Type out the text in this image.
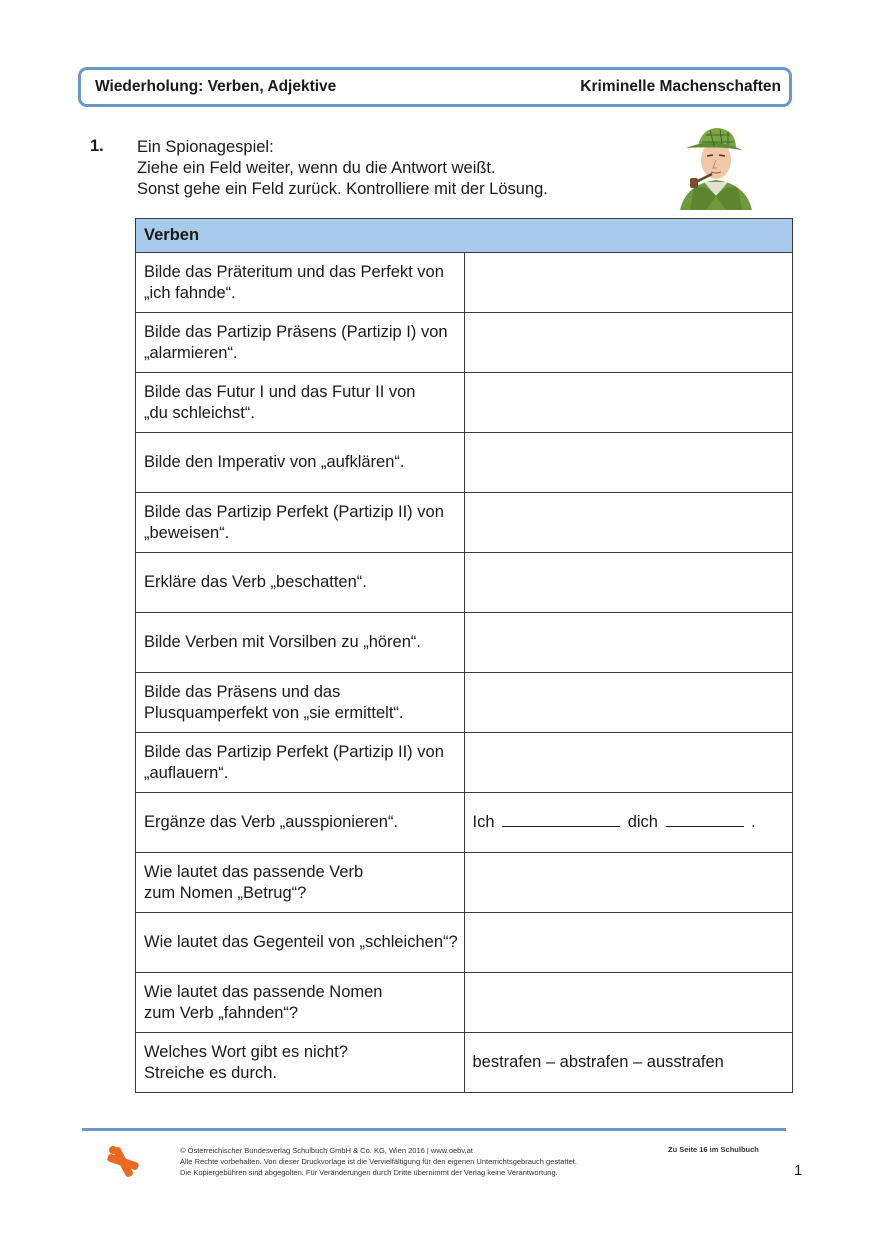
Wiederholung: Verben, Adjektive	Kriminelle Machenschaften
1. Ein Spionagespiel:
Ziehe ein Feld weiter, wenn du die Antwort weißt.
Sonst gehe ein Feld zurück. Kontrolliere mit der Lösung.
Verben	

Bilde das Präteritum und das Perfekt von
„ich fahnde“.	

Bilde das Partizip Präsens (Partizip I) von
„alarmieren“.	

Bilde das Futur I und das Futur II von
„du schleichst“.	

Bilde den Imperativ von „aufklären“.	

Bilde das Partizip Perfekt (Partizip II) von
„beweisen“.	

Erkläre das Verb „beschatten“.	

Bilde Verben mit Vorsilben zu „hören“.	

Bilde das Präsens und das
Plusquamperfekt von „sie ermittelt“.	

Bilde das Partizip Perfekt (Partizip II) von
„auflauern“.	

Ergänze das Verb „ausspionieren“.	Ich dich .

Wie lautet das passende Verb
zum Nomen „Betrug“?	

Wie lautet das Gegenteil von „schleichen“?	

Wie lautet das passende Nomen
zum Verb „fahnden“?	

Welches Wort gibt es nicht?
Streiche es durch.	bestrafen – abstrafen – ausstrafen
© Österreichischer Bundesverlag Schulbuch GmbH & Co. KG, Wien 2016 | www.oebv.at
Alle Rechte vorbehalten. Von dieser Druckvorlage ist die Vervielfältigung für den eigenen Unterrichtsgebrauch gestattet.
Die Kopiergebühren sind abgegolten. Für Veränderungen durch Dritte übernimmt der Verlag keine Verantwortung.
Zu Seite 16 im Schulbuch
1
